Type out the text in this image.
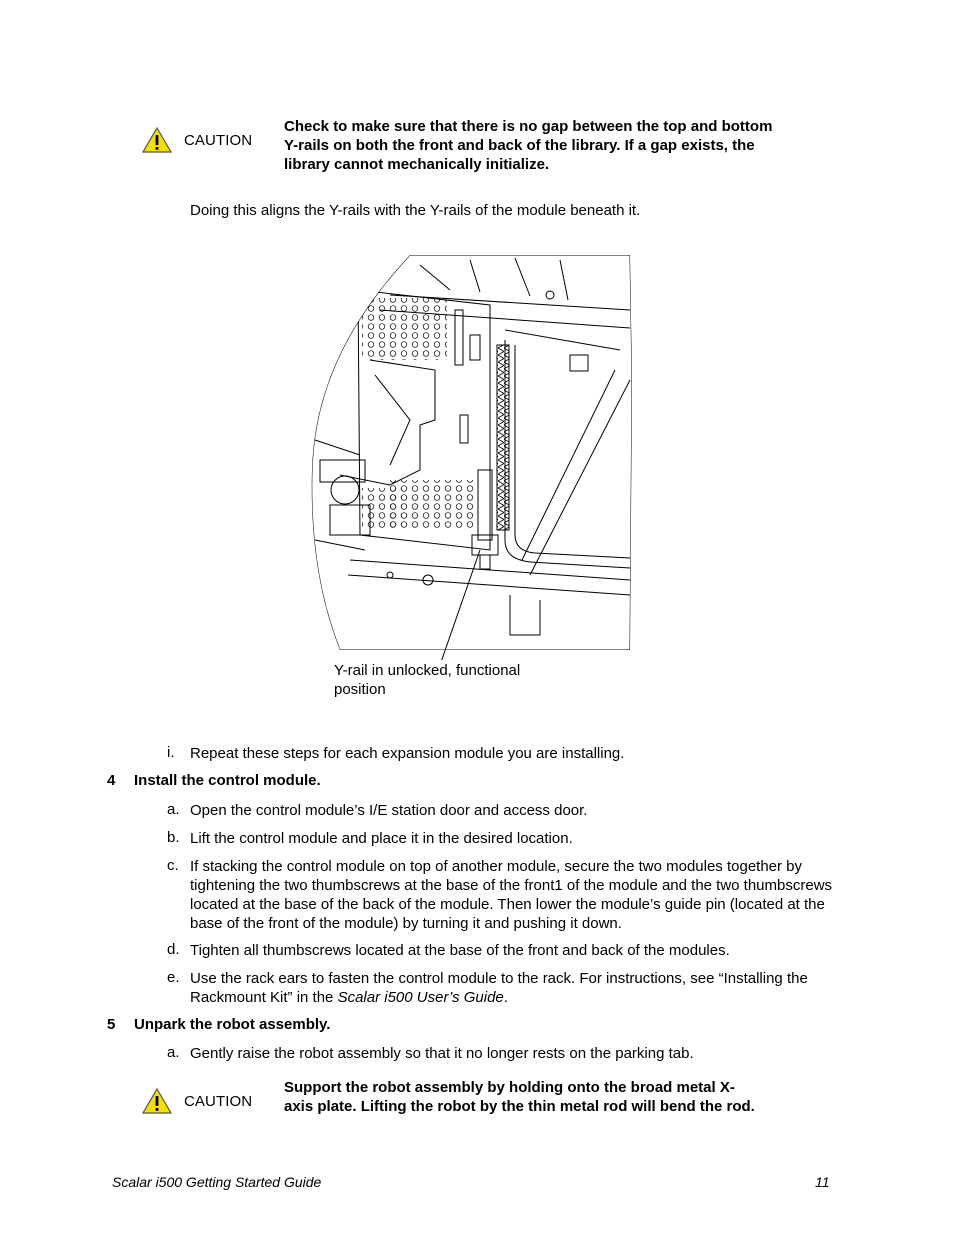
CAUTION
Check to make sure that there is no gap between the top and bottom Y-rails on both the front and back of the library. If a gap exists, the library cannot mechanically initialize.
Doing this aligns the Y-rails with the Y-rails of the module beneath it.
Y-rail in unlocked, functional position
i. Repeat these steps for each expansion module you are installing.
4 Install the control module.
a. Open the control module’s I/E station door and access door.
b. Lift the control module and place it in the desired location.
c. If stacking the control module on top of another module, secure the two modules together by tightening the two thumbscrews at the base of the front1 of the module and the two thumbscrews located at the base of the back of the module. Then lower the module’s guide pin (located at the base of the front of the module) by turning it and pushing it down.
d. Tighten all thumbscrews located at the base of the front and back of the modules.
e. Use the rack ears to fasten the control module to the rack. For instructions, see “Installing the Rackmount Kit” in the Scalar i500 User’s Guide.
5 Unpark the robot assembly.
a. Gently raise the robot assembly so that it no longer rests on the parking tab.
CAUTION
Support the robot assembly by holding onto the broad metal X-axis plate. Lifting the robot by the thin metal rod will bend the rod.
Scalar i500 Getting Started Guide	11
